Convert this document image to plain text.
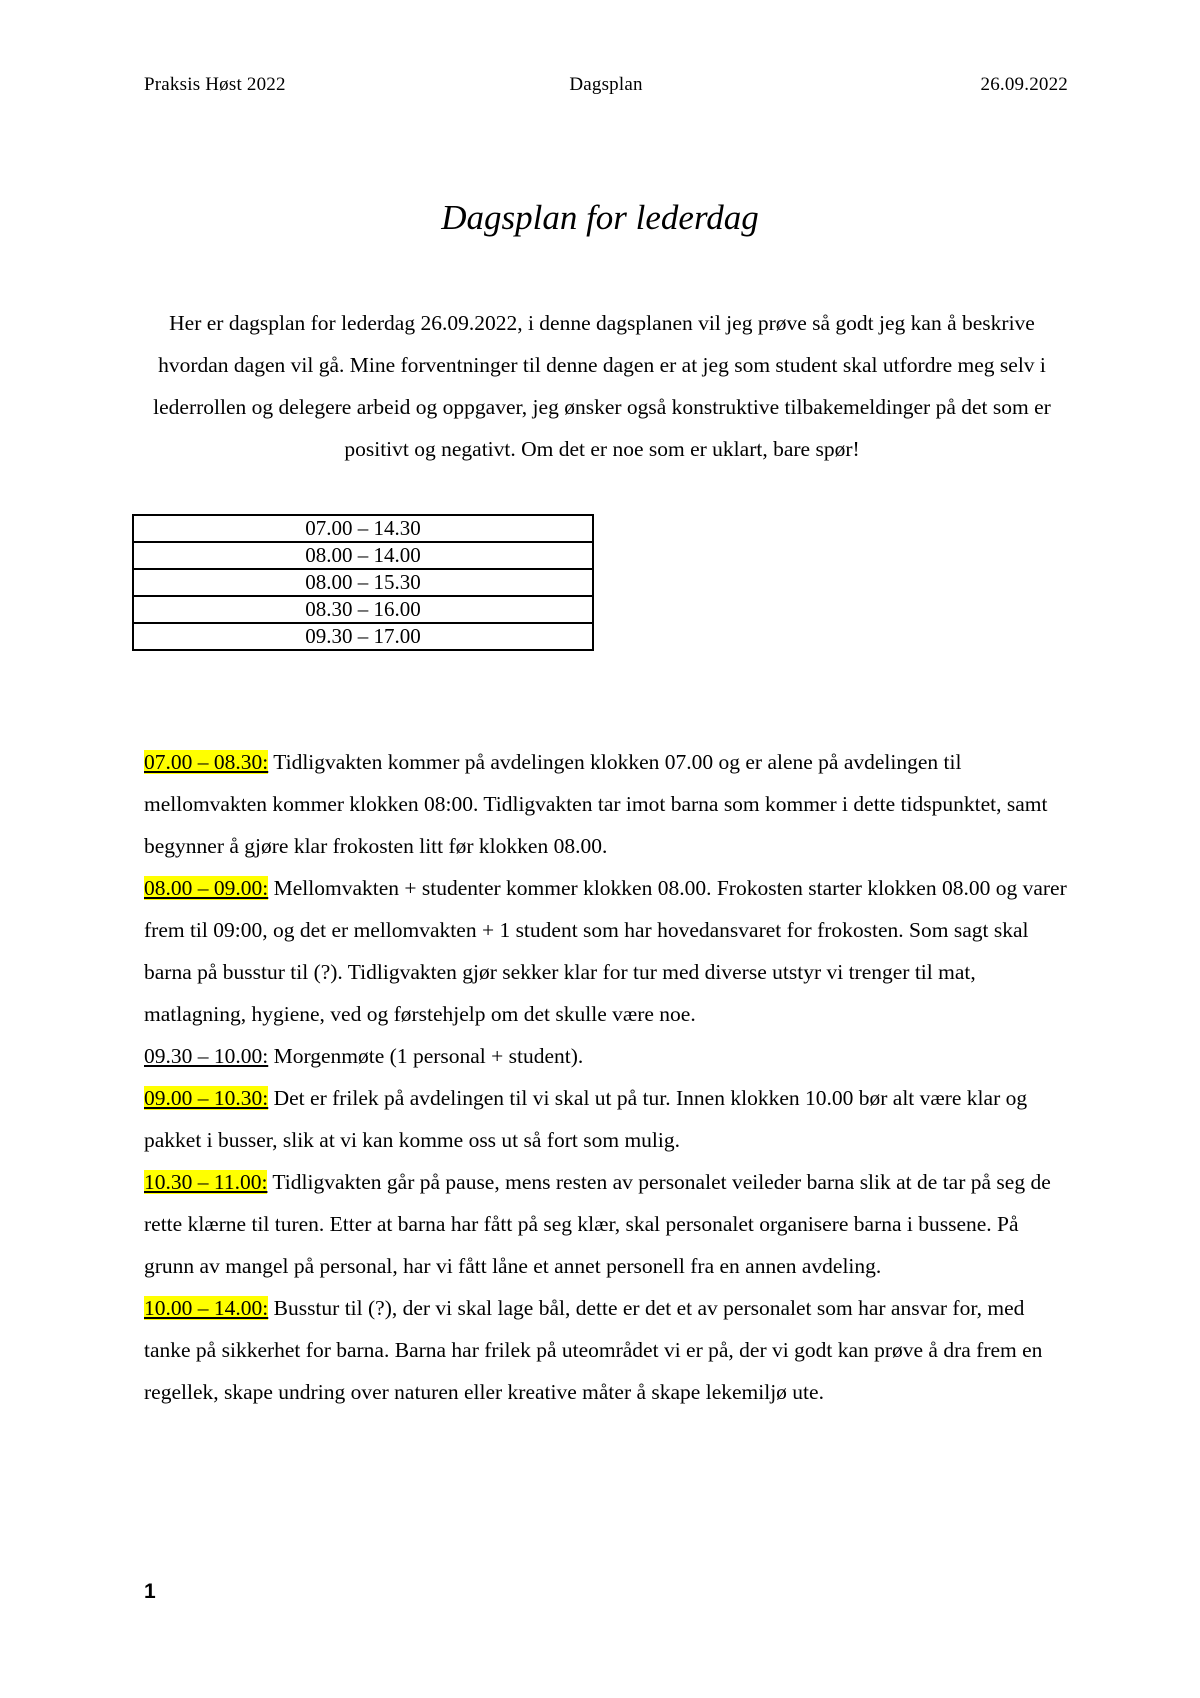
Praksis Høst 2022	Dagsplan	26.09.2022
Dagsplan for lederdag
Her er dagsplan for lederdag 26.09.2022, i denne dagsplanen vil jeg prøve så godt jeg kan å beskrive hvordan dagen vil gå. Mine forventninger til denne dagen er at jeg som student skal utfordre meg selv i lederrollen og delegere arbeid og oppgaver, jeg ønsker også konstruktive tilbakemeldinger på det som er positivt og negativt. Om det er noe som er uklart, bare spør!
07.00 – 14.30
08.00 – 14.00
08.00 – 15.30
08.30 – 16.00
09.30 – 17.00

07.00 – 08.30: Tidligvakten kommer på avdelingen klokken 07.00 og er alene på avdelingen til mellomvakten kommer klokken 08:00. Tidligvakten tar imot barna som kommer i dette tidspunktet, samt begynner å gjøre klar frokosten litt før klokken 08.00.

08.00 – 09.00: Mellomvakten + studenter kommer klokken 08.00. Frokosten starter klokken 08.00 og varer frem til 09:00, og det er mellomvakten + 1 student som har hovedansvaret for frokosten. Som sagt skal barna på busstur til (?). Tidligvakten gjør sekker klar for tur med diverse utstyr vi trenger til mat, matlagning, hygiene, ved og førstehjelp om det skulle være noe.

09.30 – 10.00: Morgenmøte (1 personal + student).

09.00 – 10.30: Det er frilek på avdelingen til vi skal ut på tur. Innen klokken 10.00 bør alt være klar og pakket i busser, slik at vi kan komme oss ut så fort som mulig.

10.30 – 11.00: Tidligvakten går på pause, mens resten av personalet veileder barna slik at de tar på seg de rette klærne til turen. Etter at barna har fått på seg klær, skal personalet organisere barna i bussene. På grunn av mangel på personal, har vi fått låne et annet personell fra en annen avdeling.

10.00 – 14.00: Busstur til (?), der vi skal lage bål, dette er det et av personalet som har ansvar for, med tanke på sikkerhet for barna. Barna har frilek på uteområdet vi er på, der vi godt kan prøve å dra frem en regellek, skape undring over naturen eller kreative måter å skape lekemiljø ute.

1
